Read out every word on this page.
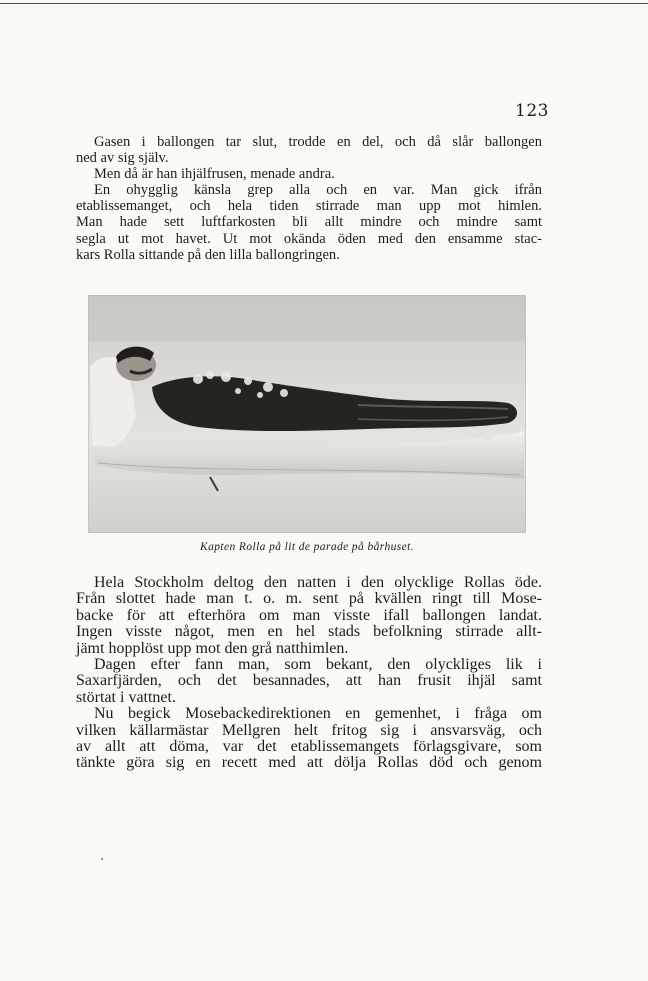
123
Gasen i ballongen tar slut, trodde en del, och då slår ballongen
ned av sig själv.
Men då är han ihjälfrusen, menade andra.
En ohygglig känsla grep alla och en var. Man gick ifrån
etablissemanget, och hela tiden stirrade man upp mot himlen.
Man hade sett luftfarkosten bli allt mindre och mindre samt
segla ut mot havet. Ut mot okända öden med den ensamme stac-
kars Rolla sittande på den lilla ballongringen.
Kapten Rolla på lit de parade på bårhuset.
Hela Stockholm deltog den natten i den olycklige Rollas öde.
Från slottet hade man t. o. m. sent på kvällen ringt till Mose-
backe för att efterhöra om man visste ifall ballongen landat.
Ingen visste något, men en hel stads befolkning stirrade allt-
jämt hopplöst upp mot den grå natthimlen.
Dagen efter fann man, som bekant, den olyckliges lik i
Saxarfjärden, och det besannades, att han frusit ihjäl samt
störtat i vattnet.
Nu begick Mosebackedirektionen en gemenhet, i fråga om
vilken källarmästar Mellgren helt fritog sig i ansvarsväg, och
av allt att döma, var det etablissemangets förlagsgivare, som
tänkte göra sig en recett med att dölja Rollas död och genom
